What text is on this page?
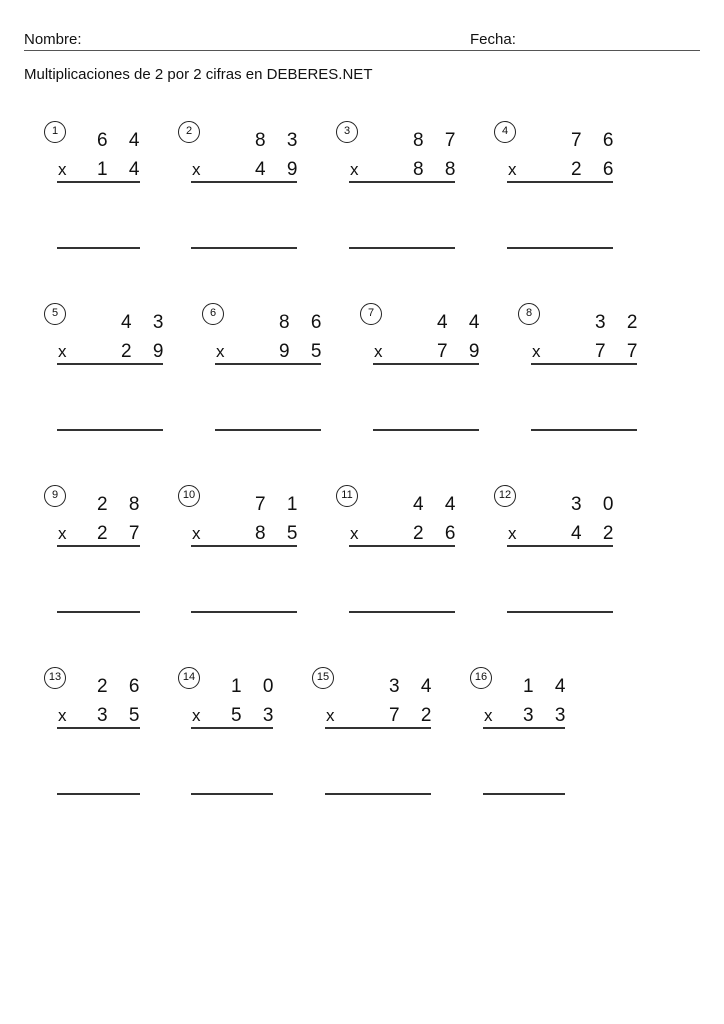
Nombre:	Fecha:
Multiplicaciones de 2 por 2 cifras en DEBERES.NET
1	6 4
x 1 4
2	8 3
x	4 9
3	8 7
x	8 8
4	7 6
x	2 6
5	4 3
x	2 9
6	8 6
x	9 5
7	4 4
x	7 9
8	3 2
x	7 7
9	2 8
x 2 7
10	7 1
x	8 5
11	4 4
x	2 6
12	3 0
x	4 2
13 2 6
x 3 5
14 1 0
x 5 3
15	3 4
x	7 2
16 1 4
x 3 3
